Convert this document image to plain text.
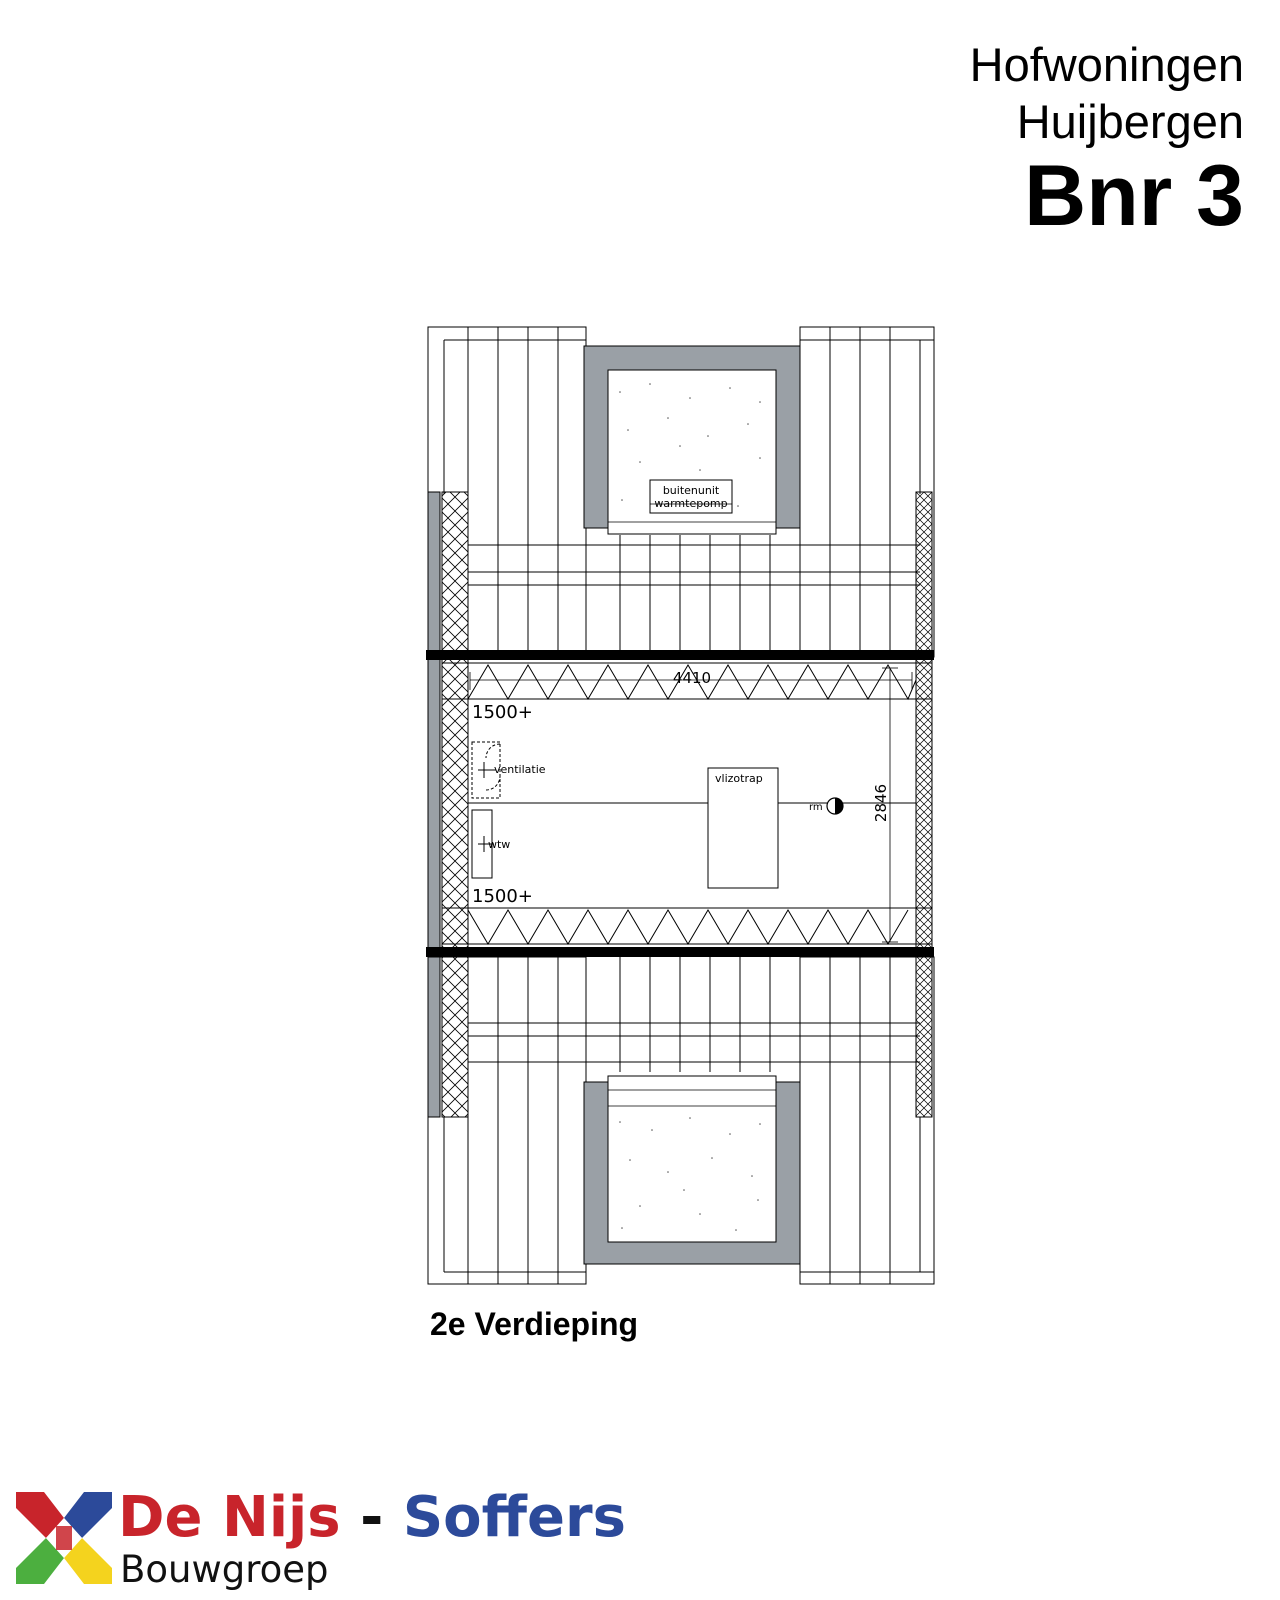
Hofwoningen
Huijbergen
Bnr 3
buitenunit
warmtepomp
4410
2846
1500+
1500+
ventilatie
wtw
vlizotrap
rm
2e Verdieping
De Nijs - Soffers
Bouwgroep
